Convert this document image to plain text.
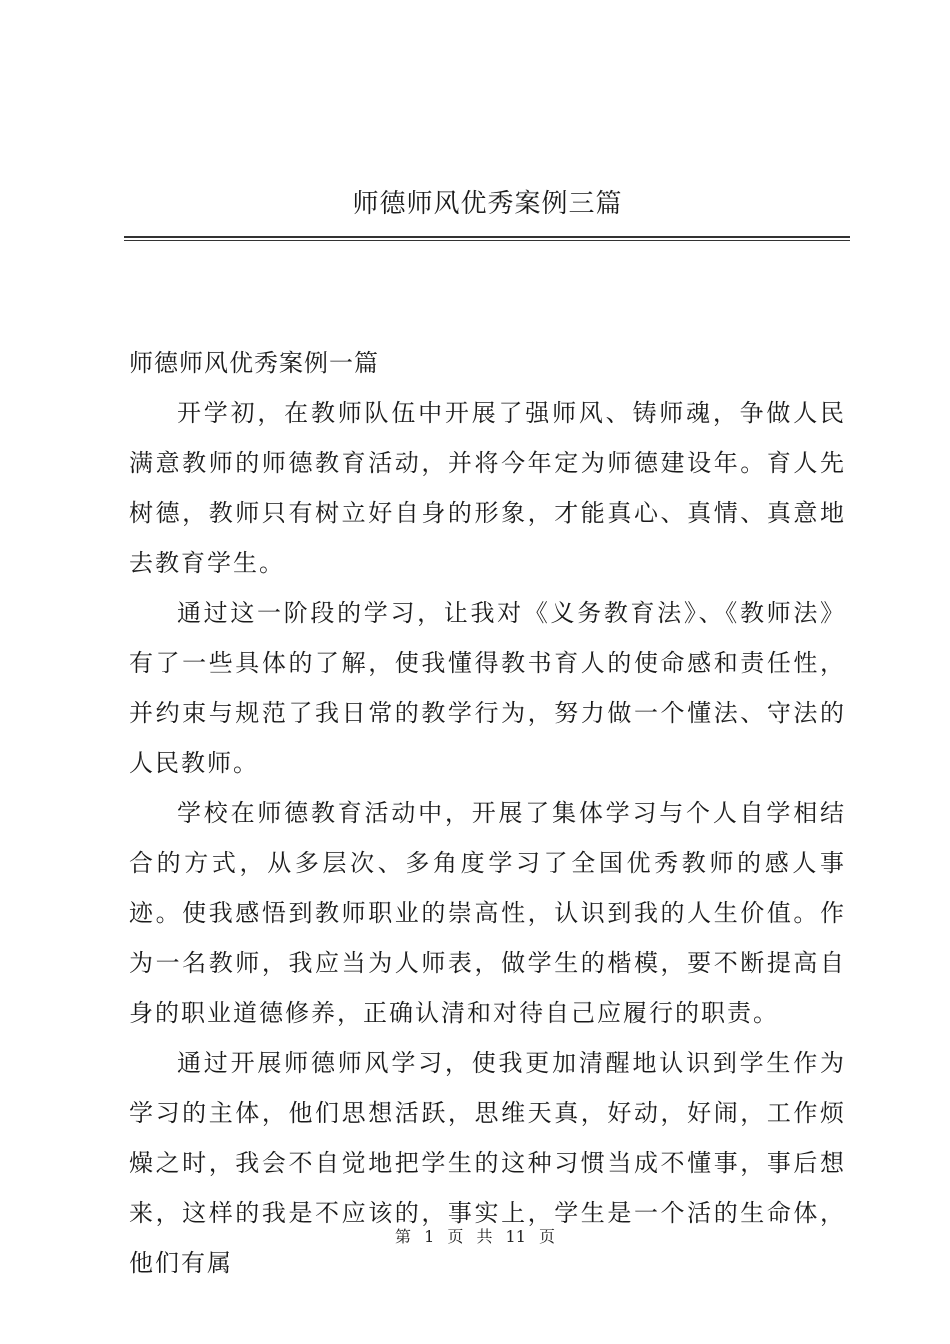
师德师风优秀案例三篇
师德师风优秀案例一篇

开学初，在教师队伍中开展了强师风、铸师魂，争做人民满意教师的师德教育活动，并将今年定为师德建设年。育人先树德，教师只有树立好自身的形象，才能真心、真情、真意地去教育学生。

通过这一阶段的学习，让我对《义务教育法》、《教师法》有了一些具体的了解，使我懂得教书育人的使命感和责任性，并约束与规范了我日常的教学行为，努力做一个懂法、守法的人民教师。

学校在师德教育活动中，开展了集体学习与个人自学相结合的方式，从多层次、多角度学习了全国优秀教师的感人事迹。使我感悟到教师职业的崇高性，认识到我的人生价值。作为一名教师，我应当为人师表，做学生的楷模，要不断提高自身的职业道德修养，正确认清和对待自己应履行的职责。

通过开展师德师风学习，使我更加清醒地认识到学生作为学习的主体，他们思想活跃，思维天真，好动，好闹，工作烦燥之时，我会不自觉地把学生的这种习惯当成不懂事，事后想来，这样的我是不应该的，事实上，学生是一个活的生命体，他们有属

第 1 页 共 11 页
